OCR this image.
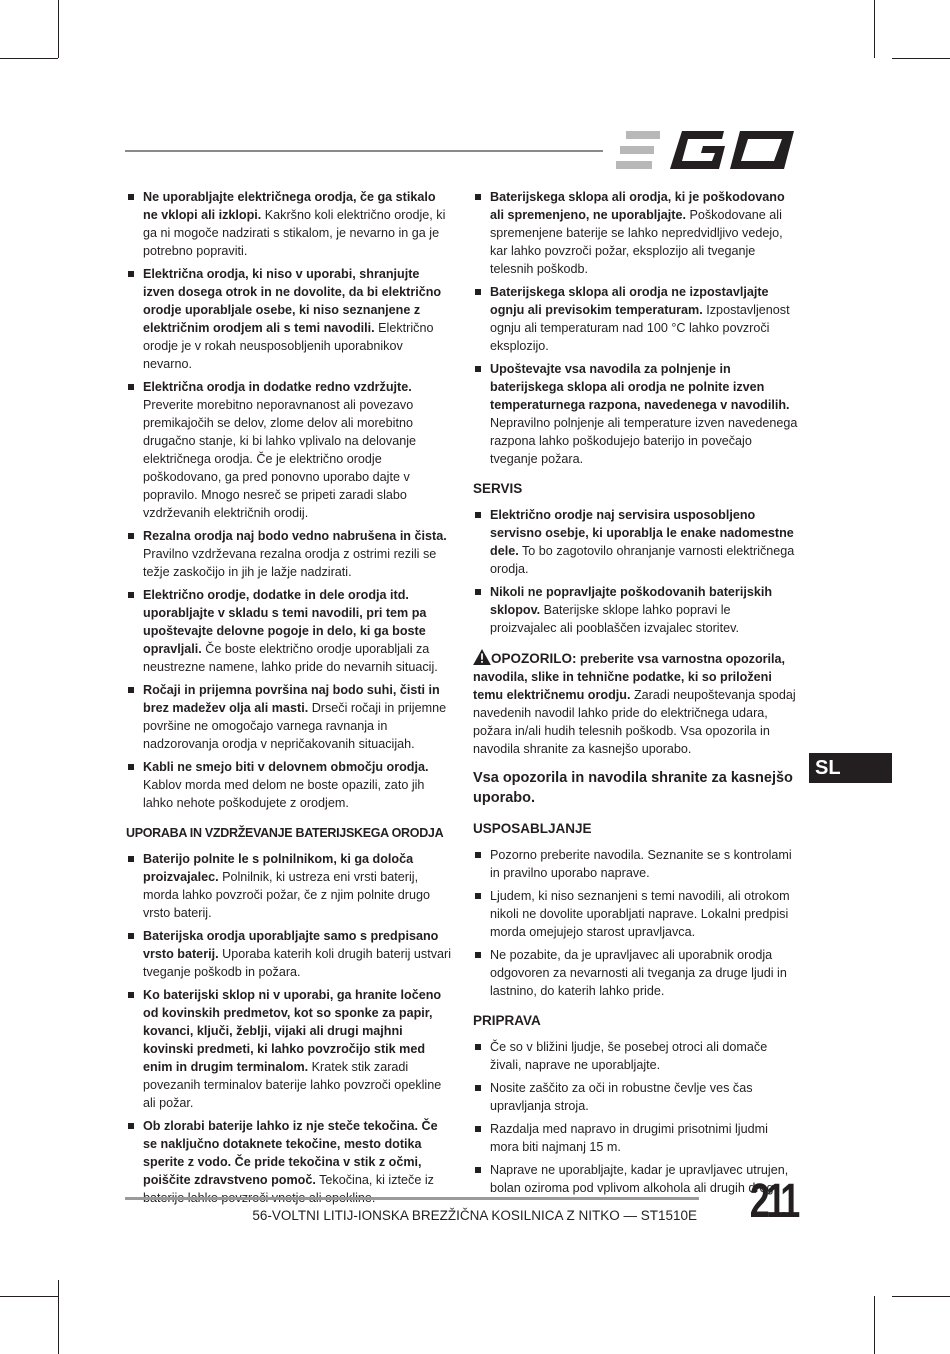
Ne uporabljajte električnega orodja, če ga stikalo ne vklopi ali izklopi. Kakršno koli električno orodje, ki ga ni mogoče nadzirati s stikalom, je nevarno in ga je potrebno popraviti.
Električna orodja, ki niso v uporabi, shranjujte izven dosega otrok in ne dovolite, da bi električno orodje uporabljale osebe, ki niso seznanjene z električnim orodjem ali s temi navodili. Električno orodje je v rokah neusposobljenih uporabnikov nevarno.
Električna orodja in dodatke redno vzdržujte. Preverite morebitno neporavnanost ali povezavo premikajočih se delov, zlome delov ali morebitno drugačno stanje, ki bi lahko vplivalo na delovanje električnega orodja. Če je električno orodje poškodovano, ga pred ponovno uporabo dajte v popravilo. Mnogo nesreč se pripeti zaradi slabo vzdrževanih električnih orodij.
Rezalna orodja naj bodo vedno nabrušena in čista. Pravilno vzdrževana rezalna orodja z ostrimi rezili se težje zaskočijo in jih je lažje nadzirati.
Električno orodje, dodatke in dele orodja itd. uporabljajte v skladu s temi navodili, pri tem pa upoštevajte delovne pogoje in delo, ki ga boste opravljali. Če boste električno orodje uporabljali za neustrezne namene, lahko pride do nevarnih situacij.
Ročaji in prijemna površina naj bodo suhi, čisti in brez madežev olja ali masti. Drseči ročaji in prijemne površine ne omogočajo varnega ravnanja in nadzorovanja orodja v nepričakovanih situacijah.
Kabli ne smejo biti v delovnem območju orodja. Kablov morda med delom ne boste opazili, zato jih lahko nehote poškodujete z orodjem.
UPORABA IN VZDRŽEVANJE BATERIJSKEGA ORODJA
Baterijo polnite le s polnilnikom, ki ga določa proizvajalec. Polnilnik, ki ustreza eni vrsti baterij, morda lahko povzroči požar, če z njim polnite drugo vrsto baterij.
Baterijska orodja uporabljajte samo s predpisano vrsto baterij. Uporaba katerih koli drugih baterij ustvari tveganje poškodb in požara.
Ko baterijski sklop ni v uporabi, ga hranite ločeno od kovinskih predmetov, kot so sponke za papir, kovanci, ključi, žeblji, vijaki ali drugi majhni kovinski predmeti, ki lahko povzročijo stik med enim in drugim terminalom. Kratek stik zaradi povezanih terminalov baterije lahko povzroči opekline ali požar.
Ob zlorabi baterije lahko iz nje steče tekočina. Če se naključno dotaknete tekočine, mesto dotika sperite z vodo. Če pride tekočina v stik z očmi, poiščite zdravstveno pomoč. Tekočina, ki izteče iz
Baterijskega sklopa ali orodja, ki je poškodovano ali spremenjeno, ne uporabljajte. Poškodovane ali spremenjene baterije se lahko nepredvidljivo vedejo, kar lahko povzroči požar, eksplozijo ali tveganje telesnih poškodb.
Baterijskega sklopa ali orodja ne izpostavljajte ognju ali previsokim temperaturam. Izpostavljenost ognju ali temperaturam nad 100 °C lahko povzroči eksplozijo.
Upoštevajte vsa navodila za polnjenje in baterijskega sklopa ali orodja ne polnite izven temperaturnega razpona, navedenega v navodilih. Nepravilno polnjenje ali temperature izven navedenega razpona lahko poškodujejo baterijo in povečajo tveganje požara.
SERVIS
Električno orodje naj servisira usposobljeno servisno osebje, ki uporablja le enake nadomestne dele. To bo zagotovilo ohranjanje varnosti električnega orodja.
Nikoli ne popravljajte poškodovanih baterijskih sklopov. Baterijske sklope lahko popravi le proizvajalec ali pooblaščen izvajalec storitev.

OPOZORILO: preberite vsa varnostna opozorila, navodila, slike in tehnične podatke, ki so priloženi temu električnemu orodju. Zaradi neupoštevanja spodaj navedenih navodil lahko pride do električnega udara, požara in/ali hudih telesnih poškodb. Vsa opozorila in navodila shranite za kasnejšo uporabo.

Vsa opozorila in navodila shranite za kasnejšo uporabo.

USPOSABLJANJE
Pozorno preberite navodila. Seznanite se s kontrolami in pravilno uporabo naprave.
Ljudem, ki niso seznanjeni s temi navodili, ali otrokom nikoli ne dovolite uporabljati naprave. Lokalni predpisi morda omejujejo starost upravljavca.
Ne pozabite, da je upravljavec ali uporabnik orodja odgovoren za nevarnosti ali tveganja za druge ljudi in lastnino, do katerih lahko pride.
PRIPRAVA
Če so v bližini ljudje, še posebej otroci ali domače živali, naprave ne uporabljajte.
Nosite zaščito za oči in robustne čevlje ves čas upravljanja stroja.
Razdalja med napravo in drugimi prisotnimi ljudmi mora biti najmanj 15 m.
Naprave ne uporabljajte, kadar je upravljavec utrujen, bolan oziroma pod vplivom alkohola ali drugih drog.
SL
56-VOLTNI LITIJ-IONSKA BREZŽIČNA KOSILNICA Z NITKO — ST1510E 211
